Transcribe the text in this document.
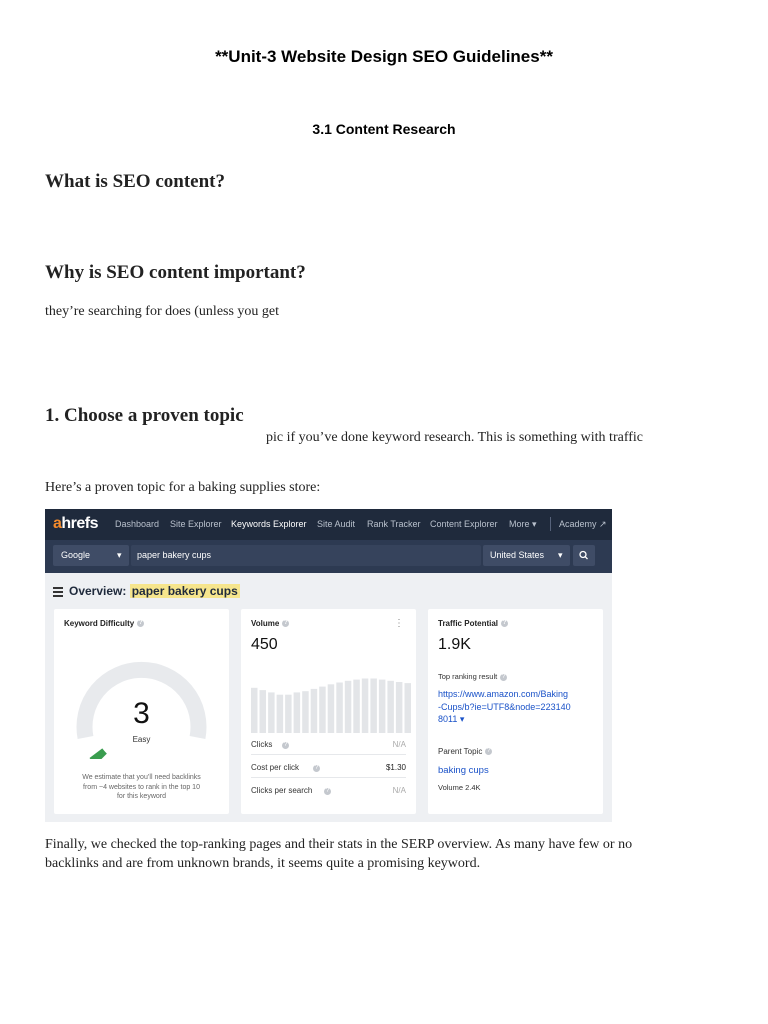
**Unit-3 Website Design SEO Guidelines**
3.1 Content Research
What is SEO content?
Why is SEO content important?
they’re searching for does (unless you get
1. Choose a proven topic
pic if you’ve done keyword research. This is something with traffic
Here’s a proven topic for a baking supplies store:
ahrefs Dashboard Site Explorer Keywords Explorer Site Audit Rank Tracker Content Explorer More ▾ Academy ↗
Google	▾ paper bakery cups	United States ▾
Overview: paper bakery cups
Keyword Difficulty ?
3
Easy
We estimate that you’ll need backlinks
from ~4 websites to rank in the top 10
for this keyword
Volume ?	⋮
450
Clicks	?	N/A
Cost per click	?	$1.30
Clicks per search	?	N/A
Traffic Potential ?
1.9K
Top ranking result ?
https://www.amazon.com/Baking
-Cups/b?ie=UTF8&node=223140
8011 ▾
Parent Topic ?
baking cups
Volume 2.4K
Finally, we checked the top-ranking pages and their stats in the SERP overview. As many have few or no
backlinks and are from unknown brands, it seems quite a promising keyword.
